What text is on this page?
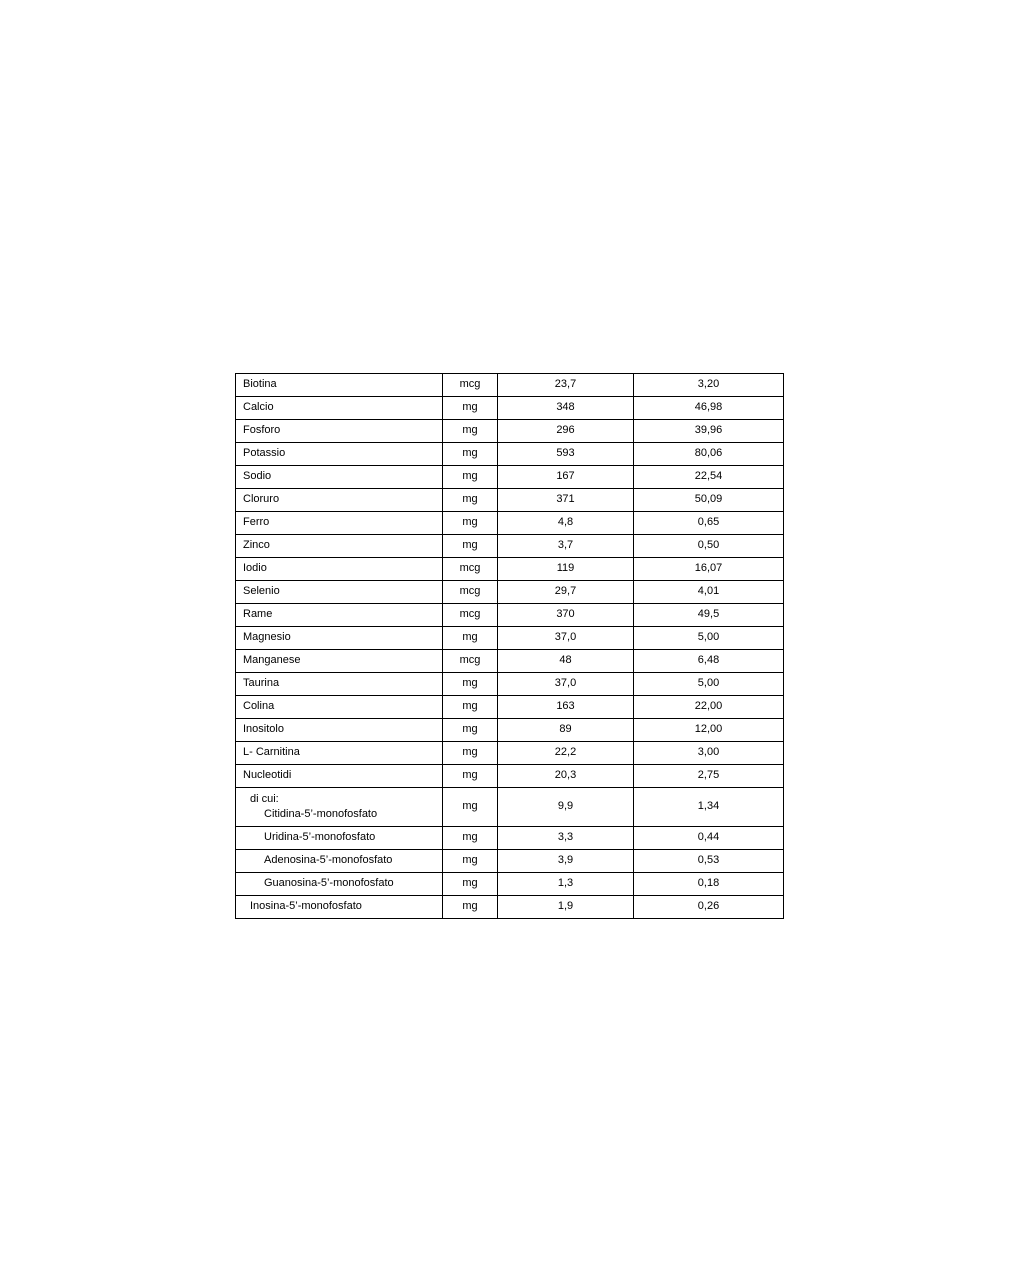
Biotina	mcg	23,7	3,20
Calcio	mg	348	46,98
Fosforo	mg	296	39,96
Potassio	mg	593	80,06
Sodio	mg	167	22,54
Cloruro	mg	371	50,09
Ferro	mg	4,8	0,65
Zinco	mg	3,7	0,50
Iodio	mcg	119	16,07
Selenio	mcg	29,7	4,01
Rame	mcg	370	49,5
Magnesio	mg	37,0	5,00
Manganese	mcg	48	6,48
Taurina	mg	37,0	5,00
Colina	mg	163	22,00
Inositolo	mg	89	12,00
L- Carnitina	mg	22,2	3,00
Nucleotidi	mg	20,3	2,75
di cui:
Citidina-5’-monofosfato	mg	9,9	1,34
Uridina-5’-monofosfato	mg	3,3	0,44
Adenosina-5’-monofosfato	mg	3,9	0,53
Guanosina-5’-monofosfato	mg	1,3	0,18
Inosina-5’-monofosfato	mg	1,9	0,26
